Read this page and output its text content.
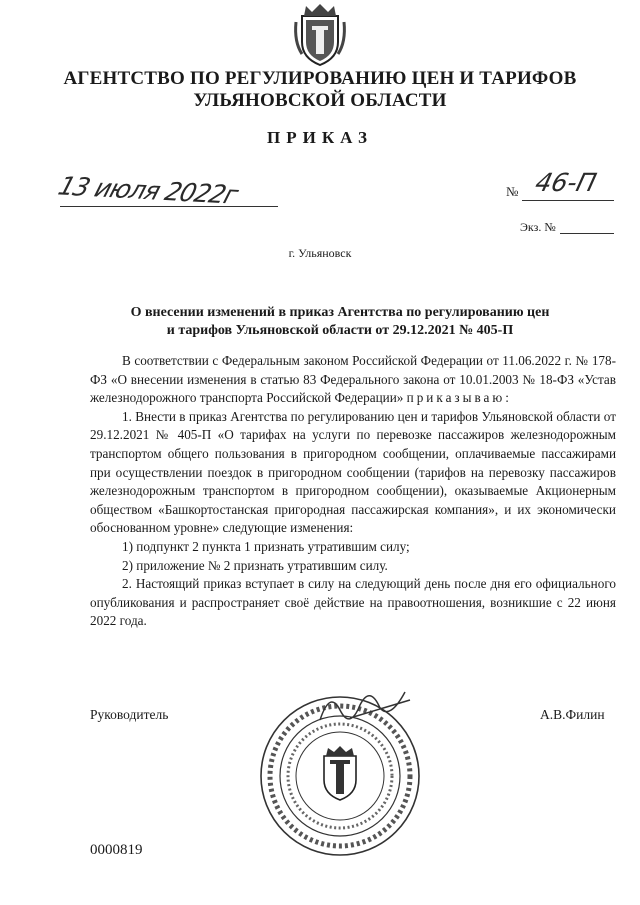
АГЕНТСТВО ПО РЕГУЛИРОВАНИЮ ЦЕН И ТАРИФОВ
УЛЬЯНОВСКОЙ ОБЛАСТИ
ПРИКАЗ
13 июля 2022г	№ 46-П
Экз. №
г. Ульяновск
О внесении изменений в приказ Агентства по регулированию цен
и тарифов Ульяновской области от 29.12.2021 № 405-П

В соответствии с Федеральным законом Российской Федерации от 11.06.2022 г. № 178-ФЗ «О внесении изменения в статью 83 Федерального закона от 10.01.2003 № 18-ФЗ «Устав железнодорожного транспорта Российской Федерации» приказываю:

1. Внести в приказ Агентства по регулированию цен и тарифов Ульяновской области от 29.12.2021 № 405-П «О тарифах на услуги по перевозке пассажиров железнодорожным транспортом общего пользования в пригородном сообщении, оплачиваемые пассажирами при осуществлении поездок в пригородном сообщении (тарифов на перевозку пассажиров железнодорожным транспортом в пригородном сообщении), оказываемые Акционерным обществом «Башкортостанская пригородная пассажирская компания», и их экономически обоснованном уровне» следующие изменения:

1) подпункт 2 пункта 1 признать утратившим силу;

2) приложение № 2 признать утратившим силу.

2. Настоящий приказ вступает в силу на следующий день после дня его официального опубликования и распространяет своё действие на правоотношения, возникшие с 22 июня 2022 года.

Руководитель	А.В.Филин
0000819
